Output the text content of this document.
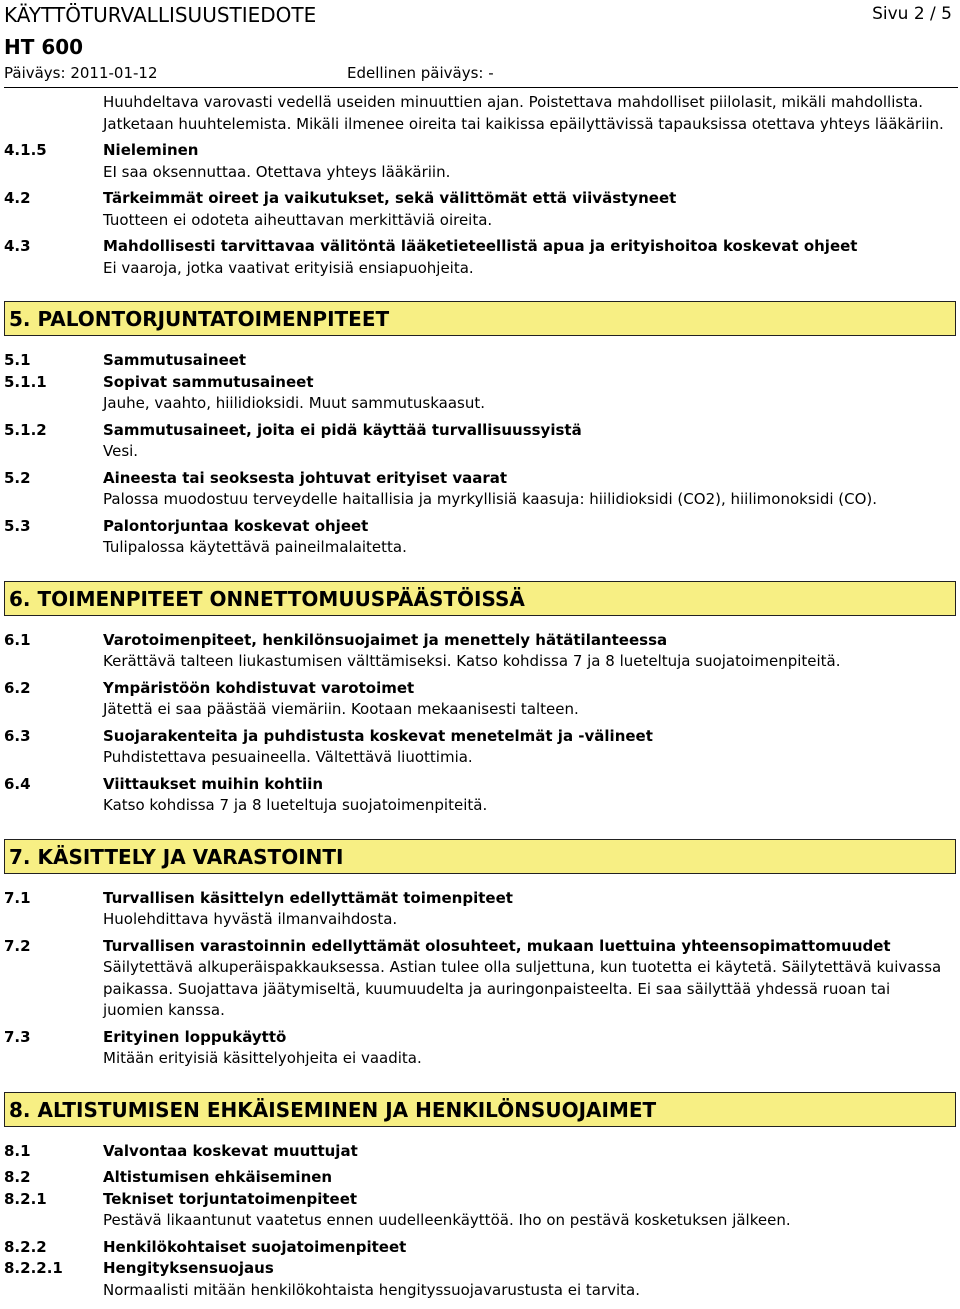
KÄYTTÖTURVALLISUUSTIEDOTE	Sivu 2 / 5
HT 600
Päiväys: 2011-01-12	Edellinen päiväys: -
Huuhdeltava varovasti vedellä useiden minuuttien ajan. Poistettava mahdolliset piilolasit, mikäli mahdollista.
Jatketaan huuhtelemista. Mikäli ilmenee oireita tai kaikissa epäilyttävissä tapauksissa otettava yhteys lääkäriin.
4.1.5	Nieleminen
EI saa oksennuttaa. Otettava yhteys lääkäriin.
4.2	Tärkeimmät oireet ja vaikutukset, sekä välittömät että viivästyneet
Tuotteen ei odoteta aiheuttavan merkittäviä oireita.
4.3	Mahdollisesti tarvittavaa välitöntä lääketieteellistä apua ja erityishoitoa koskevat ohjeet
Ei vaaroja, jotka vaativat erityisiä ensiapuohjeita.
5. PALONTORJUNTATOIMENPITEET
5.1	Sammutusaineet
5.1.1	Sopivat sammutusaineet
Jauhe, vaahto, hiilidioksidi. Muut sammutuskaasut.
5.1.2	Sammutusaineet, joita ei pidä käyttää turvallisuussyistä
Vesi.
5.2	Aineesta tai seoksesta johtuvat erityiset vaarat
Palossa muodostuu terveydelle haitallisia ja myrkyllisiä kaasuja: hiilidioksidi (CO2), hiilimonoksidi (CO).
5.3	Palontorjuntaa koskevat ohjeet
Tulipalossa käytettävä paineilmalaitetta.
6. TOIMENPITEET ONNETTOMUUSPÄÄSTÖISSÄ
6.1	Varotoimenpiteet, henkilönsuojaimet ja menettely hätätilanteessa
Kerättävä talteen liukastumisen välttämiseksi. Katso kohdissa 7 ja 8 lueteltuja suojatoimenpiteitä.
6.2	Ympäristöön kohdistuvat varotoimet
Jätettä ei saa päästää viemäriin. Kootaan mekaanisesti talteen.
6.3	Suojarakenteita ja puhdistusta koskevat menetelmät ja -välineet
Puhdistettava pesuaineella. Vältettävä liuottimia.
6.4	Viittaukset muihin kohtiin
Katso kohdissa 7 ja 8 lueteltuja suojatoimenpiteitä.
7. KÄSITTELY JA VARASTOINTI
7.1	Turvallisen käsittelyn edellyttämät toimenpiteet
Huolehdittava hyvästä ilmanvaihdosta.
7.2	Turvallisen varastoinnin edellyttämät olosuhteet, mukaan luettuina yhteensopimattomuudet
Säilytettävä alkuperäispakkauksessa. Astian tulee olla suljettuna, kun tuotetta ei käytetä. Säilytettävä kuivassa
paikassa. Suojattava jäätymiseltä, kuumuudelta ja auringonpaisteelta. Ei saa säilyttää yhdessä ruoan tai
juomien kanssa.
7.3	Erityinen loppukäyttö
Mitään erityisiä käsittelyohjeita ei vaadita.
8. ALTISTUMISEN EHKÄISEMINEN JA HENKILÖNSUOJAIMET
8.1	Valvontaa koskevat muuttujat
8.2	Altistumisen ehkäiseminen
8.2.1	Tekniset torjuntatoimenpiteet
Pestävä likaantunut vaatetus ennen uudelleenkäyttöä. Iho on pestävä kosketuksen jälkeen.
8.2.2	Henkilökohtaiset suojatoimenpiteet
8.2.2.1	Hengityksensuojaus
Normaalisti mitään henkilökohtaista hengityssuojavarustusta ei tarvita.
